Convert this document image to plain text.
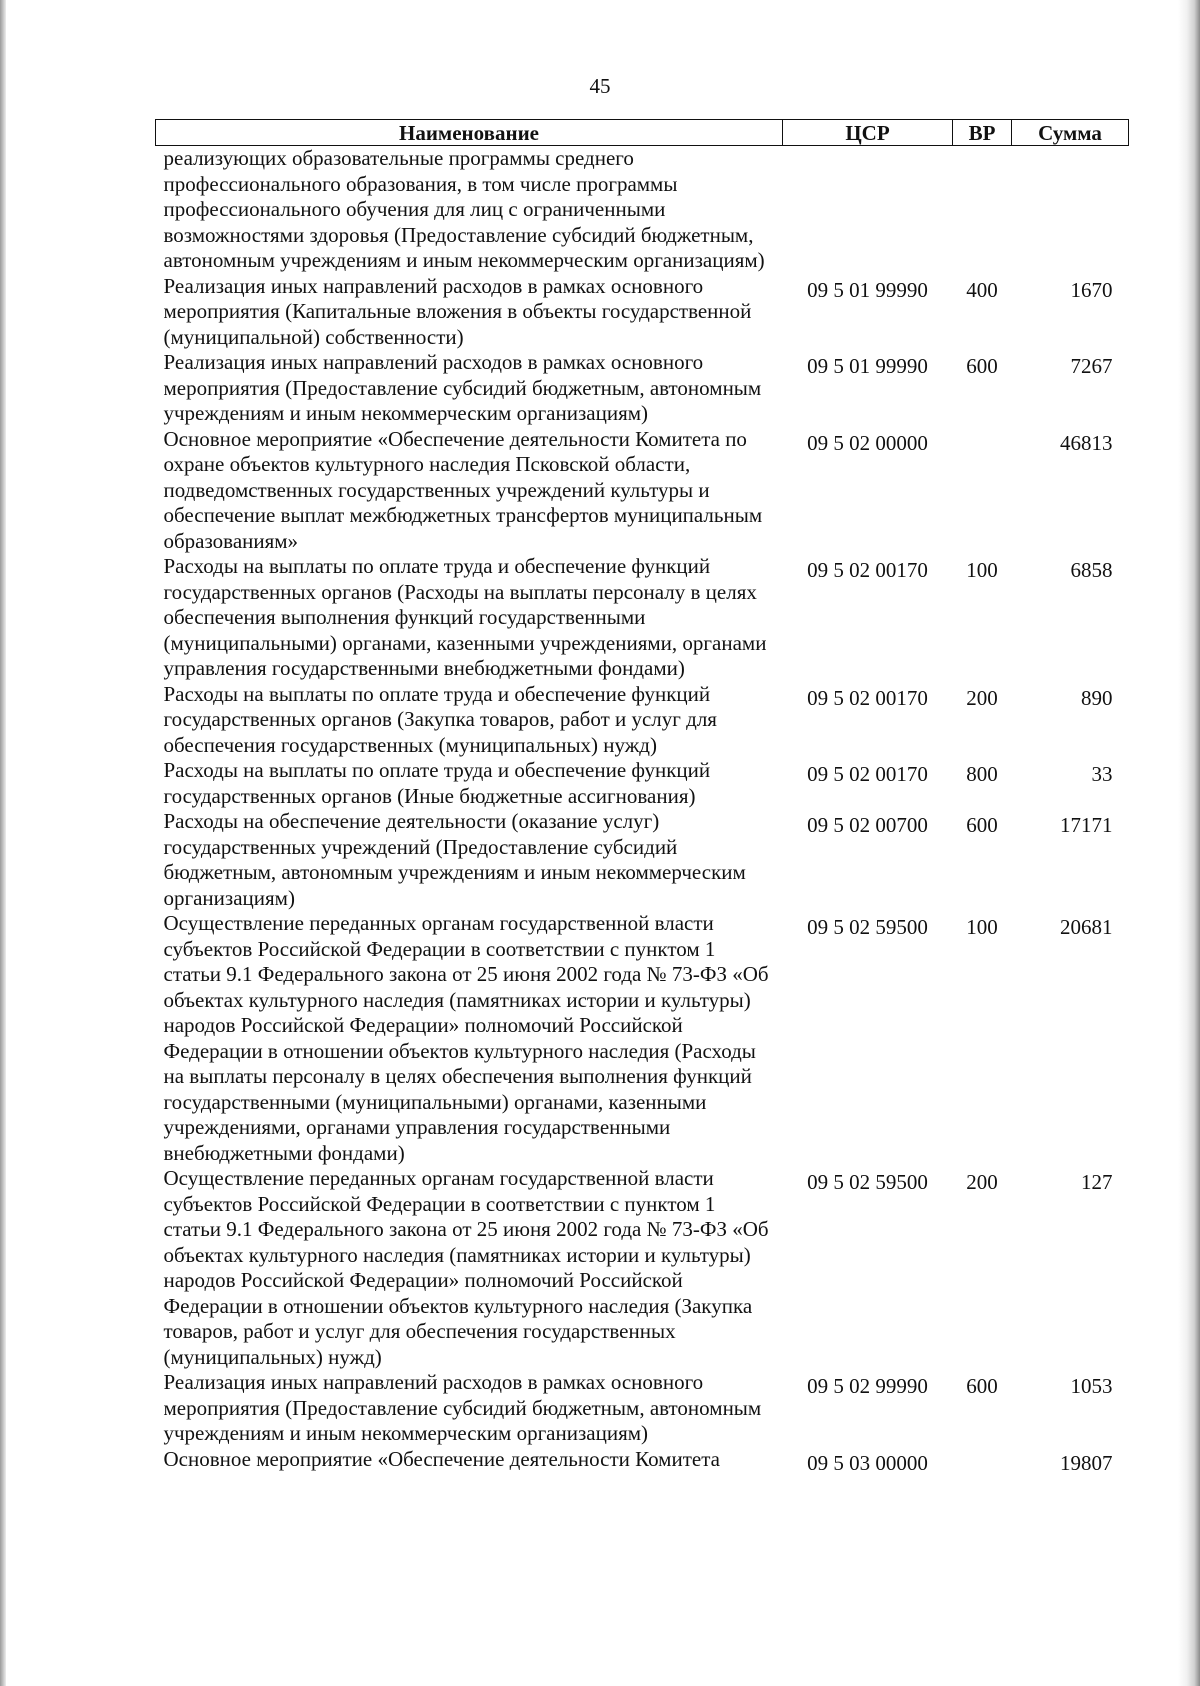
45
Наименование	ЦСР	ВР	Сумма
реализующих образовательные программы среднего профессионального образования, в том числе программы профессионального обучения для лиц с ограниченными возможностями здоровья (Предоставление субсидий бюджетным, автономным учреждениям и иным некоммерческим организациям)			
Реализация иных направлений расходов в рамках основного мероприятия (Капитальные вложения в объекты государственной (муниципальной) собственности)	09 5 01 99990	400	1670
Реализация иных направлений расходов в рамках основного мероприятия (Предоставление субсидий бюджетным, автономным учреждениям и иным некоммерческим организациям)	09 5 01 99990	600	7267
Основное мероприятие «Обеспечение деятельности Комитета по охране объектов культурного наследия Псковской области, подведомственных государственных учреждений культуры и обеспечение выплат межбюджетных трансфертов муниципальным образованиям»	09 5 02 00000		46813
Расходы на выплаты по оплате труда и обеспечение функций государственных органов (Расходы на выплаты персоналу в целях обеспечения выполнения функций государственными (муниципальными) органами, казенными учреждениями, органами управления государственными внебюджетными фондами)	09 5 02 00170	100	6858
Расходы на выплаты по оплате труда и обеспечение функций государственных органов (Закупка товаров, работ и услуг для обеспечения государственных (муниципальных) нужд)	09 5 02 00170	200	890
Расходы на выплаты по оплате труда и обеспечение функций государственных органов (Иные бюджетные ассигнования)	09 5 02 00170	800	33
Расходы на обеспечение деятельности (оказание услуг) государственных учреждений (Предоставление субсидий бюджетным, автономным учреждениям и иным некоммерческим организациям)	09 5 02 00700	600	17171
Осуществление переданных органам государственной власти субъектов Российской Федерации в соответствии с пунктом 1 статьи 9.1 Федерального закона от 25 июня 2002 года № 73-ФЗ «Об объектах культурного наследия (памятниках истории и культуры) народов Российской Федерации» полномочий Российской Федерации в отношении объектов культурного наследия (Расходы на выплаты персоналу в целях обеспечения выполнения функций государственными (муниципальными) органами, казенными учреждениями, органами управления государственными внебюджетными фондами)	09 5 02 59500	100	20681
Осуществление переданных органам государственной власти субъектов Российской Федерации в соответствии с пунктом 1 статьи 9.1 Федерального закона от 25 июня 2002 года № 73-ФЗ «Об объектах культурного наследия (памятниках истории и культуры) народов Российской Федерации» полномочий Российской Федерации в отношении объектов культурного наследия (Закупка товаров, работ и услуг для обеспечения государственных (муниципальных) нужд)	09 5 02 59500	200	127
Реализация иных направлений расходов в рамках основного мероприятия (Предоставление субсидий бюджетным, автономным учреждениям и иным некоммерческим организациям)	09 5 02 99990	600	1053
Основное мероприятие «Обеспечение деятельности Комитета	09 5 03 00000		19807
